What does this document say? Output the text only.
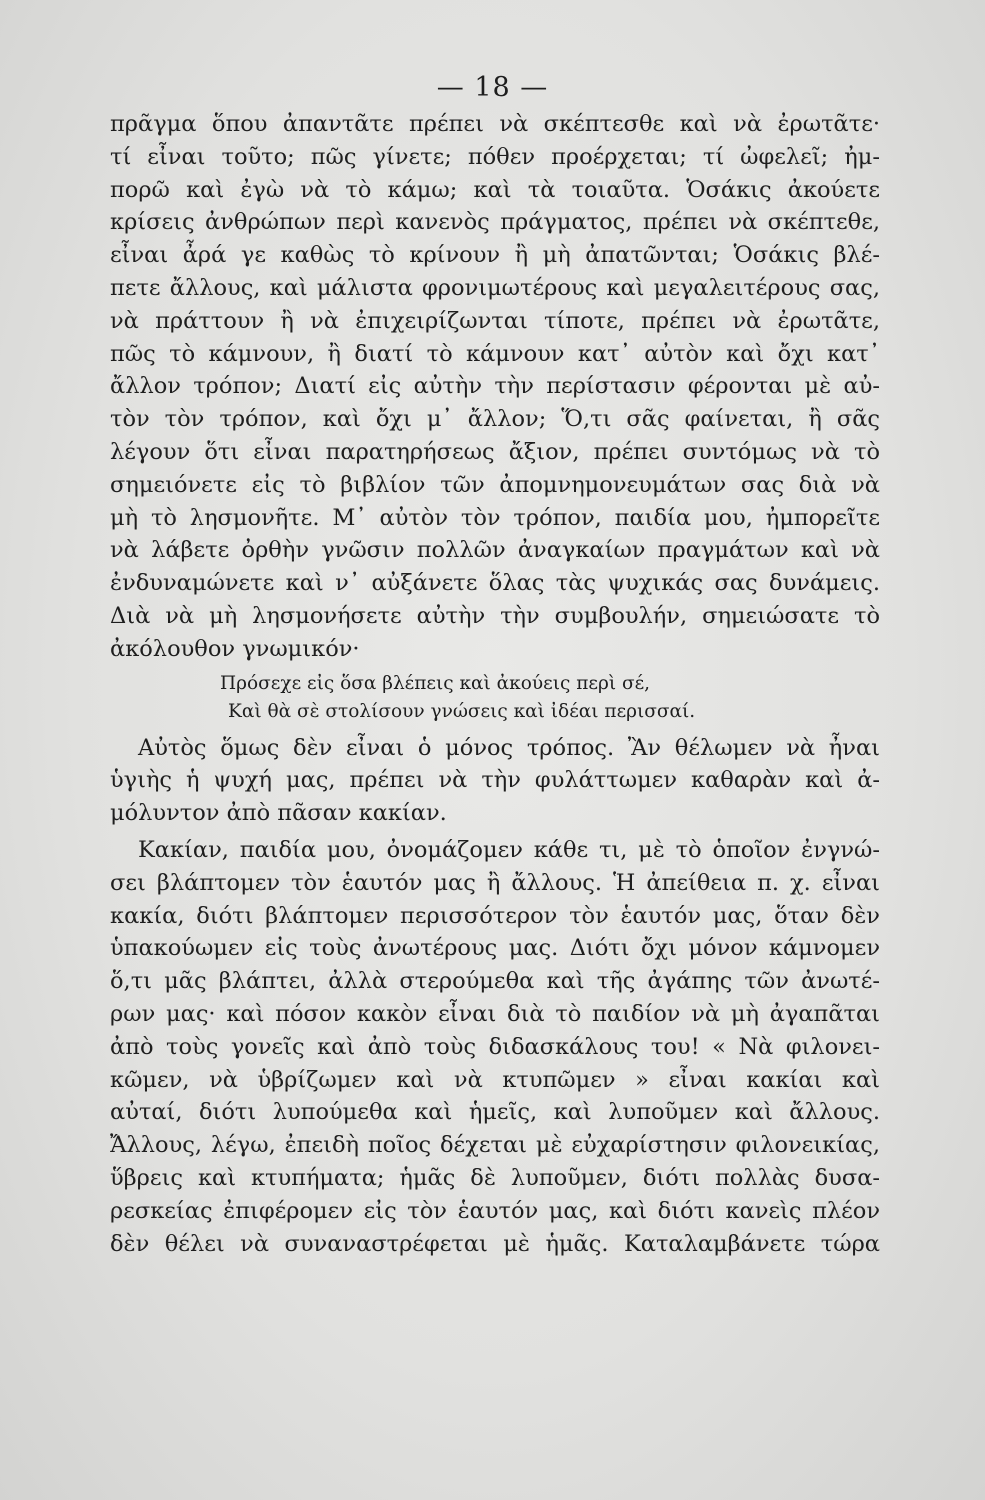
— 18 —
πρᾶγμα ὅπου ἀπαντᾶτε πρέπει νὰ σκέπτεσθε καὶ νὰ ἐρωτᾶτε·
τί εἶναι τοῦτο; πῶς γίνετε; πόθεν προέρχεται; τί ὠφελεῖ; ἠμ-
πορῶ καὶ ἐγὼ νὰ τὸ κάμω; καὶ τὰ τοιαῦτα. Ὁσάκις ἀκούετε
κρίσεις ἀνθρώπων περὶ κανενὸς πράγματος, πρέπει νὰ σκέπτεθε,
εἶναι ἆρά γε καθὼς τὸ κρίνουν ἢ μὴ ἀπατῶνται; Ὁσάκις βλέ-
πετε ἄλλους, καὶ μάλιστα φρονιμωτέρους καὶ μεγαλειτέρους σας,
νὰ πράττουν ἢ νὰ ἐπιχειρίζωνται τίποτε, πρέπει νὰ ἐρωτᾶτε,
πῶς τὸ κάμνουν, ἢ διατί τὸ κάμνουν κατ᾽ αὐτὸν καὶ ὄχι κατ᾽
ἄλλον τρόπον; Διατί εἰς αὐτὴν τὴν περίστασιν φέρονται μὲ αὐ-
τὸν τὸν τρόπον, καὶ ὄχι μ᾽ ἄλλον; Ὅ,τι σᾶς φαίνεται, ἢ σᾶς
λέγουν ὅτι εἶναι παρατηρήσεως ἄξιον, πρέπει συντόμως νὰ τὸ
σημειόνετε εἰς τὸ βιβλίον τῶν ἀπομνημονευμάτων σας διὰ νὰ
μὴ τὸ λησμονῆτε. Μ᾽ αὐτὸν τὸν τρόπον, παιδία μου, ἠμπορεῖτε
νὰ λάβετε ὀρθὴν γνῶσιν πολλῶν ἀναγκαίων πραγμάτων καὶ νὰ
ἐνδυναμώνετε καὶ ν᾽ αὐξάνετε ὅλας τὰς ψυχικάς σας δυνάμεις.
Διὰ νὰ μὴ λησμονήσετε αὐτὴν τὴν συμβουλήν, σημειώσατε τὸ
ἀκόλουθον γνωμικόν·
Πρόσεχε εἰς ὅσα βλέπεις καὶ ἀκούεις περὶ σέ,
Καὶ θὰ σὲ στολίσουν γνώσεις καὶ ἰδέαι περισσαί.
Αὐτὸς ὅμως δὲν εἶναι ὁ μόνος τρόπος. Ἂν θέλωμεν νὰ ἦναι
ὑγιὴς ἡ ψυχή μας, πρέπει νὰ τὴν φυλάττωμεν καθαρὰν καὶ ἀ-
μόλυντον ἀπὸ πᾶσαν κακίαν.
Κακίαν, παιδία μου, ὀνομάζομεν κάθε τι, μὲ τὸ ὁποῖον ἐνγνώ-
σει βλάπτομεν τὸν ἑαυτόν μας ἢ ἄλλους. Ἡ ἀπείθεια π. χ. εἶναι
κακία, διότι βλάπτομεν περισσότερον τὸν ἑαυτόν μας, ὅταν δὲν
ὑπακούωμεν εἰς τοὺς ἀνωτέρους μας. Διότι ὄχι μόνον κάμνομεν
ὅ,τι μᾶς βλάπτει, ἀλλὰ στερούμεθα καὶ τῆς ἀγάπης τῶν ἀνωτέ-
ρων μας· καὶ πόσον κακὸν εἶναι διὰ τὸ παιδίον νὰ μὴ ἀγαπᾶται
ἀπὸ τοὺς γονεῖς καὶ ἀπὸ τοὺς διδασκάλους του! « Νὰ φιλονει-
κῶμεν, νὰ ὑβρίζωμεν καὶ νὰ κτυπῶμεν » εἶναι κακίαι καὶ
αὐταί, διότι λυπούμεθα καὶ ἡμεῖς, καὶ λυποῦμεν καὶ ἄλλους.
Ἄλλους, λέγω, ἐπειδὴ ποῖος δέχεται μὲ εὐχαρίστησιν φιλονεικίας,
ὕβρεις καὶ κτυπήματα; ἡμᾶς δὲ λυποῦμεν, διότι πολλὰς δυσα-
ρεσκείας ἐπιφέρομεν εἰς τὸν ἑαυτόν μας, καὶ διότι κανεὶς πλέον
δὲν θέλει νὰ συναναστρέφεται μὲ ἡμᾶς. Καταλαμβάνετε τώρα
